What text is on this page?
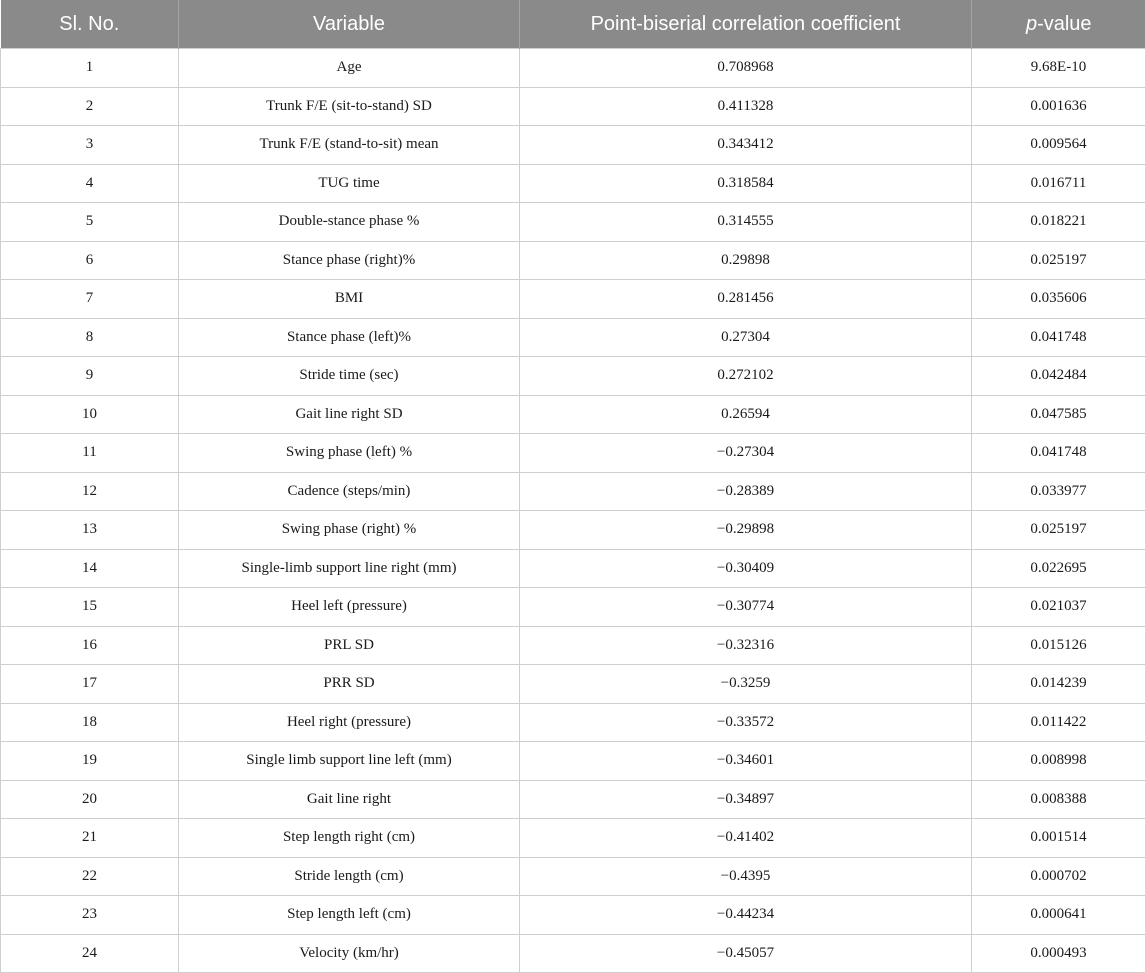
Sl. No.	Variable	Point-biserial correlation coefficient	p-value
1	Age	0.708968	9.68E-10
2	Trunk F/E (sit-to-stand) SD	0.411328	0.001636
3	Trunk F/E (stand-to-sit) mean	0.343412	0.009564
4	TUG time	0.318584	0.016711
5	Double-stance phase %	0.314555	0.018221
6	Stance phase (right)%	0.29898	0.025197
7	BMI	0.281456	0.035606
8	Stance phase (left)%	0.27304	0.041748
9	Stride time (sec)	0.272102	0.042484
10	Gait line right SD	0.26594	0.047585
11	Swing phase (left) %	−0.27304	0.041748
12	Cadence (steps/min)	−0.28389	0.033977
13	Swing phase (right) %	−0.29898	0.025197
14	Single-limb support line right (mm)	−0.30409	0.022695
15	Heel left (pressure)	−0.30774	0.021037
16	PRL SD	−0.32316	0.015126
17	PRR SD	−0.3259	0.014239
18	Heel right (pressure)	−0.33572	0.011422
19	Single limb support line left (mm)	−0.34601	0.008998
20	Gait line right	−0.34897	0.008388
21	Step length right (cm)	−0.41402	0.001514
22	Stride length (cm)	−0.4395	0.000702
23	Step length left (cm)	−0.44234	0.000641
24	Velocity (km/hr)	−0.45057	0.000493
